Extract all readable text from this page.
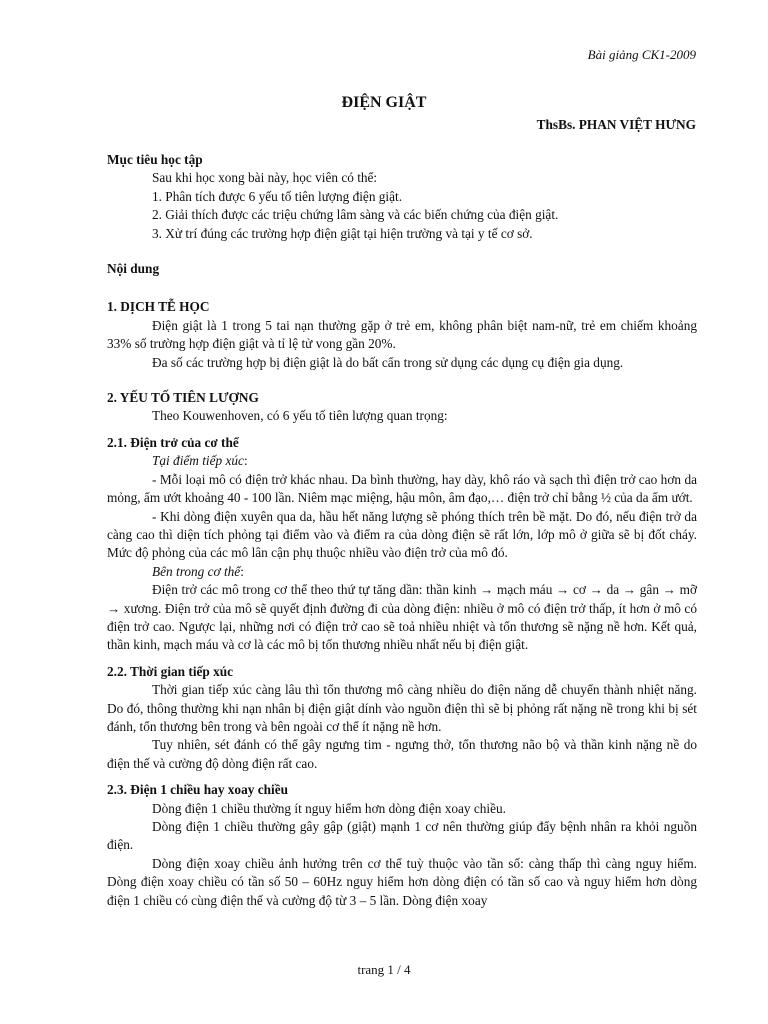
Bài giảng CK1-2009
ĐIỆN GIẬT
ThsBs. PHAN VIỆT HƯNG

Mục tiêu học tập

Sau khi học xong bài này, học viên có thể:
1. Phân tích được 6 yếu tố tiên lượng điện giật.
2. Giải thích được các triệu chứng lâm sàng và các biến chứng của điện giật.
3. Xử trí đúng các trường hợp điện giật tại hiện trường và tại y tế cơ sở.

Nội dung

1. DỊCH TỄ HỌC

Điện giật là 1 trong 5 tai nạn thường gặp ở trẻ em, không phân biệt nam-nữ, trẻ em chiếm khoảng 33% số trường hợp điện giật và tỉ lệ tử vong gần 20%.

Đa số các trường hợp bị điện giật là do bất cẩn trong sử dụng các dụng cụ điện gia dụng.

2. YẾU TỐ TIÊN LƯỢNG

Theo Kouwenhoven, có 6 yếu tố tiên lượng quan trọng:

2.1. Điện trở của cơ thể

Tại điểm tiếp xúc:

- Mỗi loại mô có điện trở khác nhau. Da bình thường, hay dày, khô ráo và sạch thì điện trở cao hơn da mỏng, ẩm ướt khoảng 40 - 100 lần. Niêm mạc miệng, hậu môn, âm đạo,… điện trở chỉ bằng ½ của da ẩm ướt.

- Khi dòng điện xuyên qua da, hầu hết năng lượng sẽ phóng thích trên bề mặt. Do đó, nếu điện trở da càng cao thì diện tích phỏng tại điểm vào và điểm ra của dòng điện sẽ rất lớn, lớp mô ở giữa sẽ bị đốt cháy. Mức độ phỏng của các mô lân cận phụ thuộc nhiều vào điện trở của mô đó.

Bên trong cơ thể:

Điện trở các mô trong cơ thể theo thứ tự tăng dần: thần kinh → mạch máu → cơ → da → gân → mỡ → xương. Điện trở của mô sẽ quyết định đường đi của dòng điện: nhiều ở mô có điện trở thấp, ít hơn ở mô có điện trở cao. Ngược lại, những nơi có điện trở cao sẽ toả nhiều nhiệt và tổn thương sẽ nặng nề hơn. Kết quả, thần kinh, mạch máu và cơ là các mô bị tổn thương nhiều nhất nếu bị điện giật.

2.2. Thời gian tiếp xúc

Thời gian tiếp xúc càng lâu thì tổn thương mô càng nhiều do điện năng dễ chuyển thành nhiệt năng. Do đó, thông thường khi nạn nhân bị điện giật dính vào nguồn điện thì sẽ bị phỏng rất nặng nề trong khi bị sét đánh, tổn thương bên trong và bên ngoài cơ thể ít nặng nề hơn.

Tuy nhiên, sét đánh có thể gây ngưng tim - ngưng thở, tổn thương não bộ và thần kinh nặng nề do điện thế và cường độ dòng điện rất cao.

2.3. Điện 1 chiều hay xoay chiều

Dòng điện 1 chiều thường ít nguy hiểm hơn dòng điện xoay chiều.

Dòng điện 1 chiều thường gây gập (giật) mạnh 1 cơ nên thường giúp đẩy bệnh nhân ra khỏi nguồn điện.

Dòng điện xoay chiều ảnh hưởng trên cơ thể tuỳ thuộc vào tần số: càng thấp thì càng nguy hiểm. Dòng điện xoay chiều có tần số 50 – 60Hz nguy hiểm hơn dòng điện có tần số cao và nguy hiểm hơn dòng điện 1 chiều có cùng điện thế và cường độ từ 3 – 5 lần. Dòng điện xoay

trang 1 / 4
